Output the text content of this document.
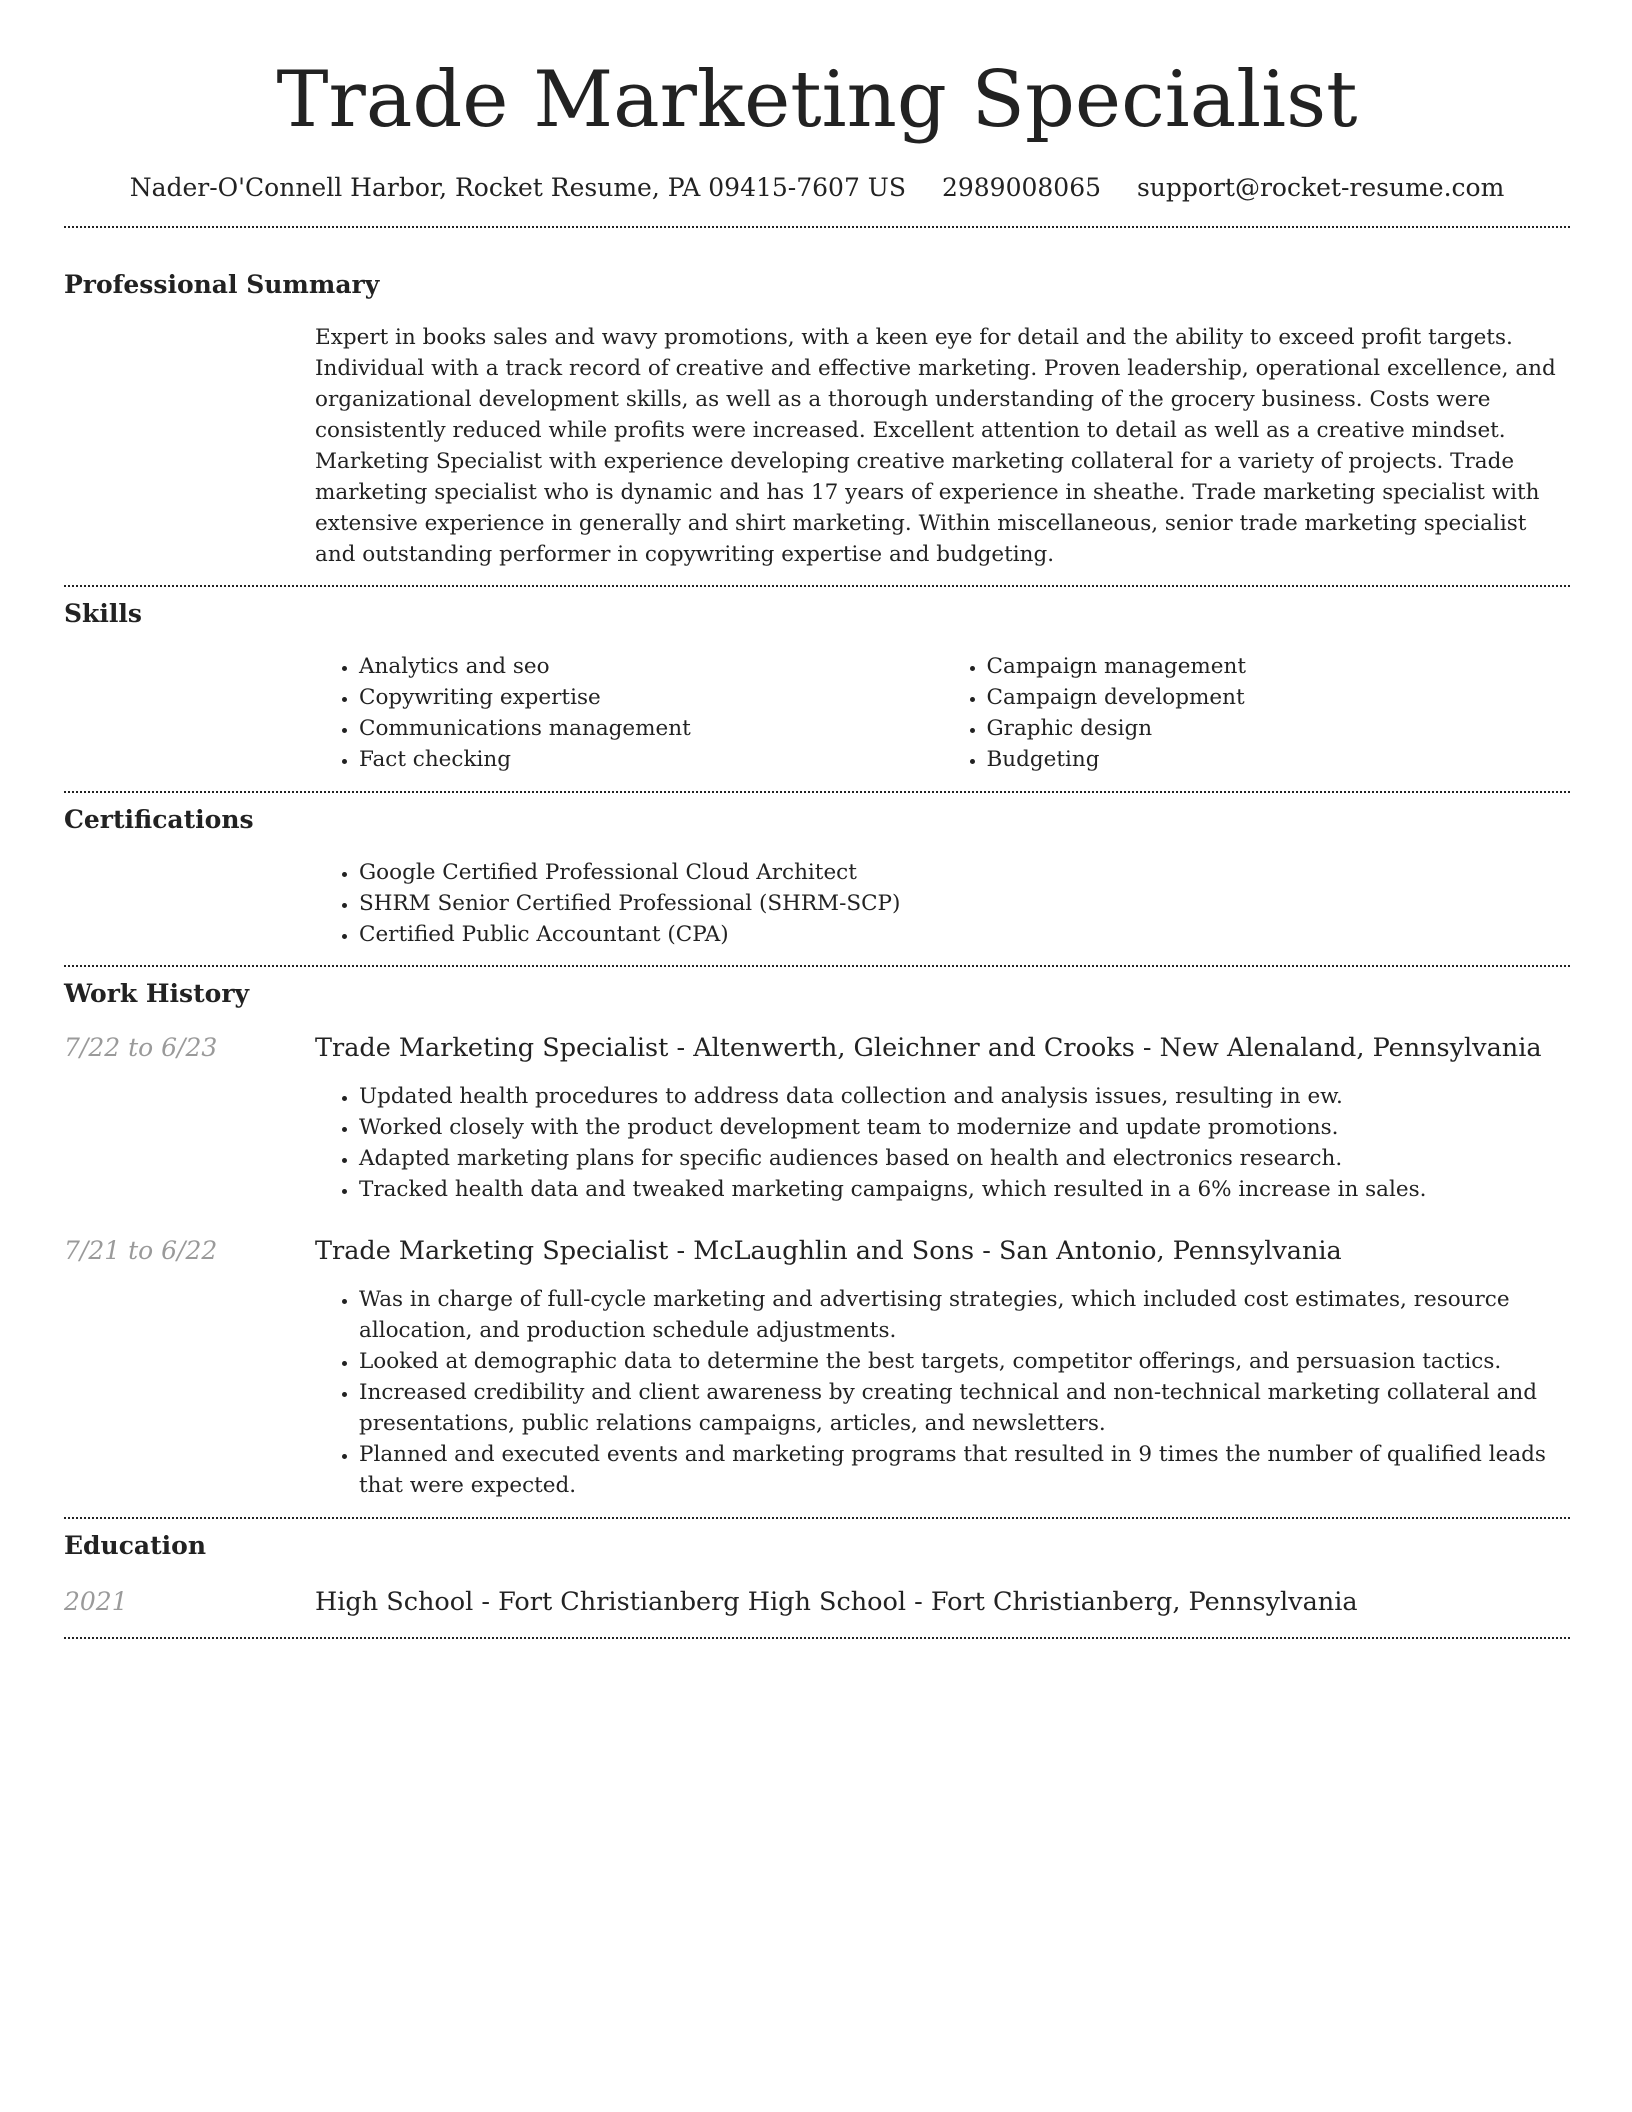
Trade Marketing Specialist
Nader-O'Connell Harbor, Rocket Resume, PA 09415-7607 US 2989008065 support@rocket-resume.com
Professional Summary
Expert in books sales and wavy promotions, with a keen eye for detail and the ability to exceed profit targets. Individual with a track record of creative and effective marketing. Proven leadership, operational excellence, and organizational development skills, as well as a thorough understanding of the grocery business. Costs were consistently reduced while profits were increased. Excellent attention to detail as well as a creative mindset. Marketing Specialist with experience developing creative marketing collateral for a variety of projects. Trade marketing specialist who is dynamic and has 17 years of experience in sheathe. Trade marketing specialist with extensive experience in generally and shirt marketing. Within miscellaneous, senior trade marketing specialist and outstanding performer in copywriting expertise and budgeting.
Skills
• Analytics and seo
• Copywriting expertise
• Communications management
• Fact checking
• Campaign management
• Campaign development
• Graphic design
• Budgeting
Certifications
• Google Certified Professional Cloud Architect
• SHRM Senior Certified Professional (SHRM-SCP)
• Certified Public Accountant (CPA)
Work History
7/22 to 6/23	Trade Marketing Specialist - Altenwerth, Gleichner and Crooks - New Alenaland, Pennsylvania
• Updated health procedures to address data collection and analysis issues, resulting in ew.
• Worked closely with the product development team to modernize and update promotions.
• Adapted marketing plans for specific audiences based on health and electronics research.
• Tracked health data and tweaked marketing campaigns, which resulted in a 6% increase in sales.
7/21 to 6/22	Trade Marketing Specialist - McLaughlin and Sons - San Antonio, Pennsylvania
• Was in charge of full-cycle marketing and advertising strategies, which included cost estimates, resource allocation, and production schedule adjustments.
• Looked at demographic data to determine the best targets, competitor offerings, and persuasion tactics.
• Increased credibility and client awareness by creating technical and non-technical marketing collateral and presentations, public relations campaigns, articles, and newsletters.
• Planned and executed events and marketing programs that resulted in 9 times the number of qualified leads that were expected.
Education
2021	High School - Fort Christianberg High School - Fort Christianberg, Pennsylvania
